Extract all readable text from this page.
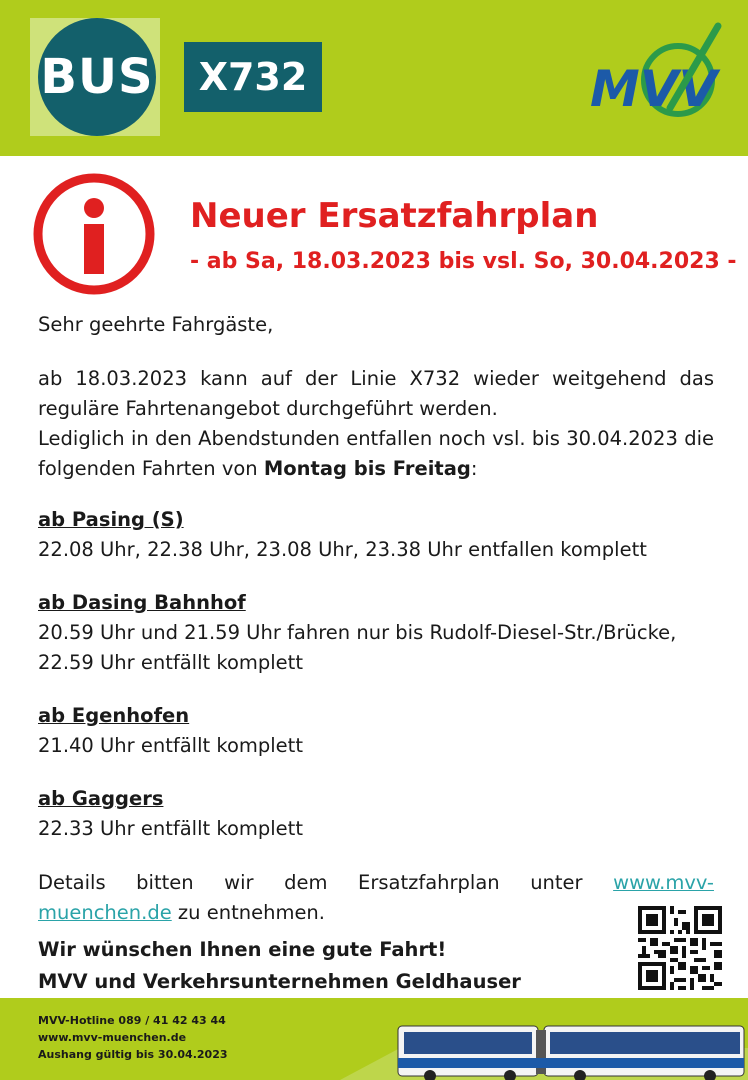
BUS	X732	MVV
Neuer Ersatzfahrplan
- ab Sa, 18.03.2023 bis vsl. So, 30.04.2023 -
Sehr geehrte Fahrgäste,
ab 18.03.2023 kann auf der Linie X732 wieder weitgehend das reguläre Fahrtenangebot durchgeführt werden.
Lediglich in den Abendstunden entfallen noch vsl. bis 30.04.2023 die folgenden Fahrten von Montag bis Freitag:
ab Pasing (S)
22.08 Uhr, 22.38 Uhr, 23.08 Uhr, 23.38 Uhr entfallen komplett
ab Dasing Bahnhof
20.59 Uhr und 21.59 Uhr fahren nur bis Rudolf-Diesel-Str./Brücke,
22.59 Uhr entfällt komplett
ab Egenhofen
21.40 Uhr entfällt komplett
ab Gaggers
22.33 Uhr entfällt komplett
Details bitten wir dem Ersatzfahrplan unter www.mvv-
muenchen.de zu entnehmen.
Wir wünschen Ihnen eine gute Fahrt!
MVV und Verkehrsunternehmen Geldhauser
MVV-Hotline 089 / 41 42 43 44
www.mvv-muenchen.de
Aushang gültig bis 30.04.2023
